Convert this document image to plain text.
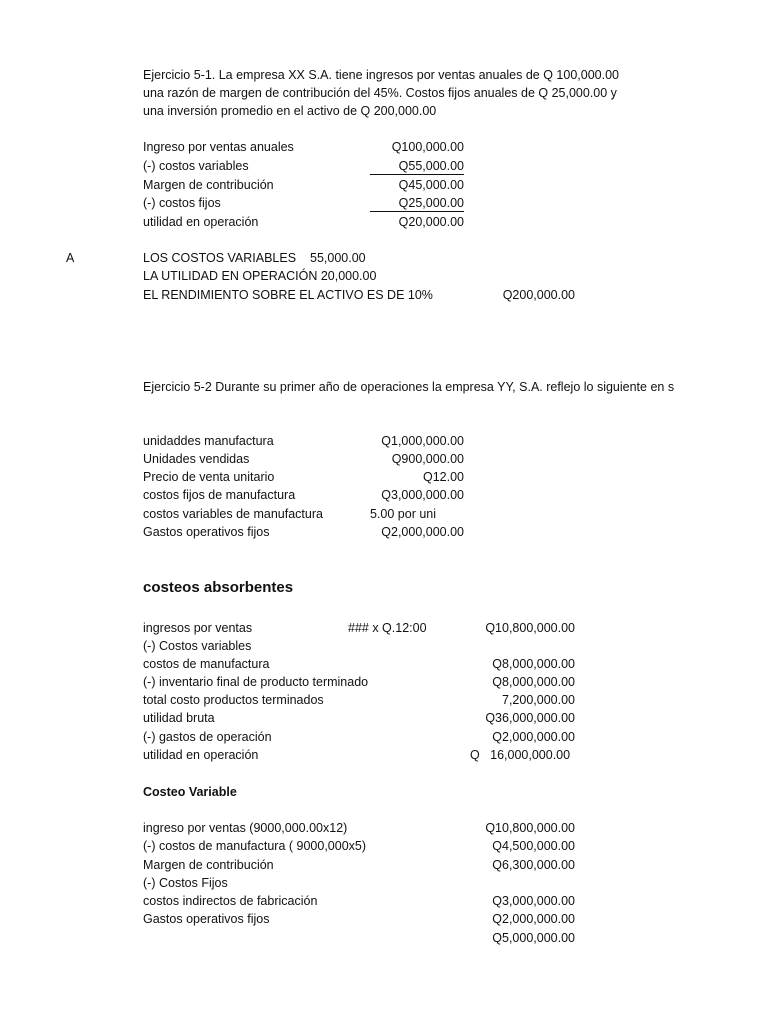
Ejercicio 5-1. La empresa XX S.A. tiene ingresos por ventas anuales de Q 100,000.00
una razón de margen de contribución del 45%. Costos fijos anuales de Q 25,000.00 y
una inversión promedio en el activo de Q 200,000.00
Ingreso por ventas anuales	Q100,000.00
(-) costos variables	Q55,000.00
Margen de contribución	Q45,000.00
(-) costos fijos	Q25,000.00
utilidad en operación	Q20,000.00
A	LOS COSTOS VARIABLES 55,000.00
LA UTILIDAD EN OPERACIÓN 20,000.00
EL RENDIMIENTO SOBRE EL ACTIVO ES DE 10%	Q200,000.00
Ejercicio 5-2 Durante su primer año de operaciones la empresa YY, S.A. reflejo lo siguiente en s
unidaddes manufactura	Q1,000,000.00
Unidades vendidas	Q900,000.00
Precio de venta unitario	Q12.00
costos fijos de manufactura	Q3,000,000.00
costos variables de manufactura	5.00 por uni
Gastos operativos fijos	Q2,000,000.00
costeos absorbentes
ingresos por ventas	### x Q.12:00	Q10,800,000.00
(-) Costos variables
costos de manufactura	Q8,000,000.00
(-) inventario final de producto terminado	Q8,000,000.00
total costo productos terminados	7,200,000.00
utilidad bruta	Q36,000,000.00
(-) gastos de operación	Q2,000,000.00
utilidad en operación	Q   16,000,000.00
Costeo Variable
ingreso por ventas (9000,000.00x12)	Q10,800,000.00
(-) costos de manufactura ( 9000,000x5)	Q4,500,000.00
Margen de contribución	Q6,300,000.00
(-) Costos Fijos
costos indirectos de fabricación	Q3,000,000.00
Gastos operativos fijos	Q2,000,000.00
Q5,000,000.00
